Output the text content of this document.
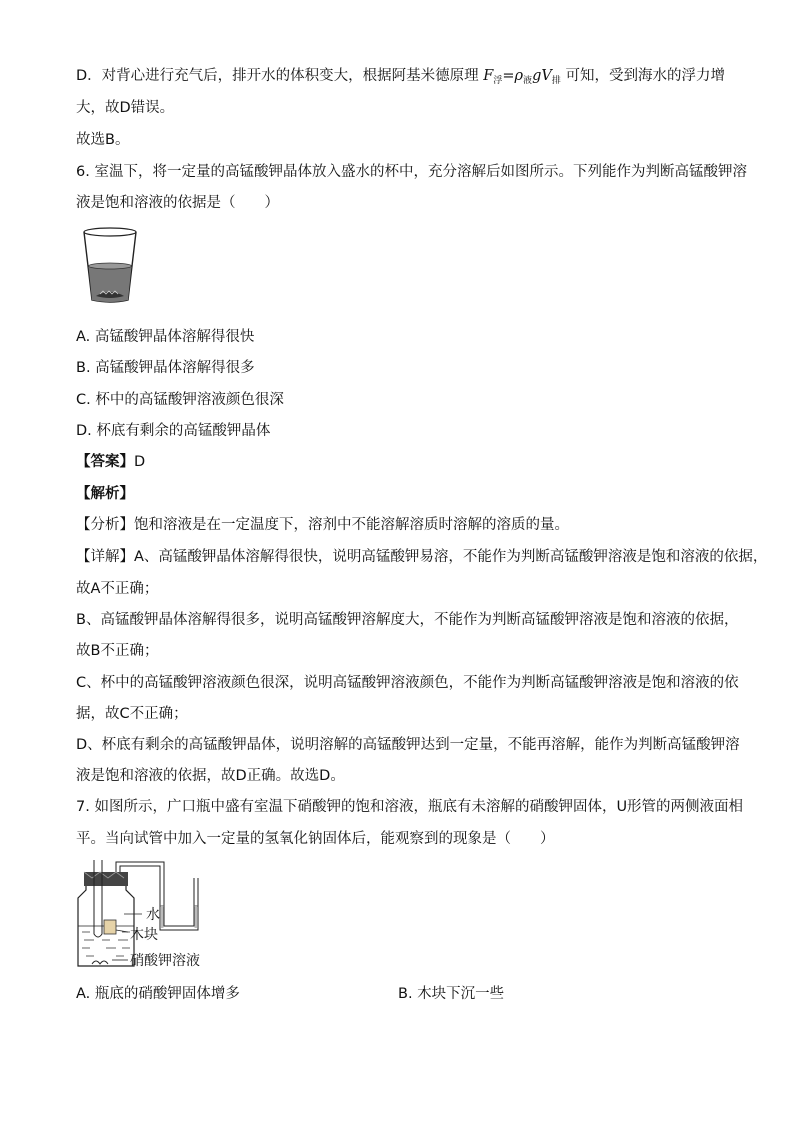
D．对背心进行充气后，排开水的体积变大，根据阿基米德原理 $F_浮=\rho_液gV_排$ 可知，受到海水的浮力增
大，故D错误。
故选B。
6. 室温下，将一定量的高锰酸钾晶体放入盛水的杯中，充分溶解后如图所示。下列能作为判断高锰酸钾溶
液是饱和溶液的依据是（　　）
A. 高锰酸钾晶体溶解得很快
B. 高锰酸钾晶体溶解得很多
C. 杯中的高锰酸钾溶液颜色很深
D. 杯底有剩余的高锰酸钾晶体
【答案】D
【解析】
【分析】饱和溶液是在一定温度下，溶剂中不能溶解溶质时溶解的溶质的量。
【详解】A、高锰酸钾晶体溶解得很快，说明高锰酸钾易溶，不能作为判断高锰酸钾溶液是饱和溶液的依据，
故A不正确；
B、高锰酸钾晶体溶解得很多，说明高锰酸钾溶解度大，不能作为判断高锰酸钾溶液是饱和溶液的依据，
故B不正确；
C、杯中的高锰酸钾溶液颜色很深，说明高锰酸钾溶液颜色，不能作为判断高锰酸钾溶液是饱和溶液的依
据，故C不正确；
D、杯底有剩余的高锰酸钾晶体，说明溶解的高锰酸钾达到一定量，不能再溶解，能作为判断高锰酸钾溶
液是饱和溶液的依据，故D正确。故选D。
7. 如图所示，广口瓶中盛有室温下硝酸钾的饱和溶液，瓶底有未溶解的硝酸钾固体，U形管的两侧液面相
平。当向试管中加入一定量的氢氧化钠固体后，能观察到的现象是（　　）
水
木块
硝酸钾溶液
A. 瓶底的硝酸钾固体增多	B. 木块下沉一些
